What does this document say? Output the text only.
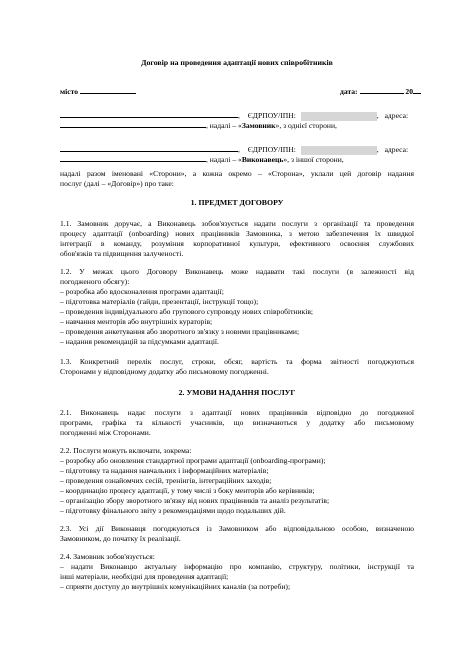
Договір на проведення адаптації нових співробітників
місто	дата:	20
, ЄДРПОУ/ІПН:	, адреса:
, надалі – «Замовник», з однієї сторони,
, ЄДРПОУ/ІПН:	, адреса:
, надалі – «Виконавець», з іншої сторони,
надалі разом іменовані «Сторони», а кожна окремо – «Сторона», уклали цей договір надання
послуг (далі – «Договір») про таке:
1. ПРЕДМЕТ ДОГОВОРУ
1.1. Замовник доручає, а Виконавець зобов'язується надати послуги з організації та проведення
процесу адаптації (onboarding) нових працівників Замовника, з метою забезпечення їх швидкої
інтеграції в команду, розуміння корпоративної культури, ефективного освоєння службових
обов'язків та підвищення залученості.
1.2. У межах цього Договору Виконавець може надавати такі послуги (в залежності від
погодженого обсягу):
– розробка або вдосконалення програми адаптації;
– підготовка матеріалів (гайди, презентації, інструкції тощо);
– проведення індивідуального або групового супроводу нових співробітників;
– навчання менторів або внутрішніх кураторів;
– проведення анкетування або зворотного зв'язку з новими працівниками;
– надання рекомендацій за підсумками адаптації.
1.3. Конкретний перелік послуг, строки, обсяг, вартість та форма звітності погоджуються
Сторонами у відповідному додатку або письмовому погодженні.
2. УМОВИ НАДАННЯ ПОСЛУГ
2.1. Виконавець надає послуги з адаптації нових працівників відповідно до погодженої
програми, графіка та кількості учасників, що визначаються у додатку або письмовому
погодженні між Сторонами.
2.2. Послуги можуть включати, зокрема:
– розробку або оновлення стандартної програми адаптації (onboarding-програми);
– підготовку та надання навчальних і інформаційних матеріалів;
– проведення ознайомчих сесій, тренінгів, інтеграційних заходів;
– координацію процесу адаптації, у тому числі з боку менторів або керівників;
– організацію збору зворотного зв'язку від нових працівників та аналіз результатів;
– підготовку фінального звіту з рекомендаціями щодо подальших дій.
2.3. Усі дії Виконавця погоджуються із Замовником або відповідальною особою, визначеною
Замовником, до початку їх реалізації.
2.4. Замовник зобов'язується:
– надати Виконавцю актуальну інформацію про компанію, структуру, політики, інструкції та
інші матеріали, необхідні для проведення адаптації;
– сприяти доступу до внутрішніх комунікаційних каналів (за потреби);
